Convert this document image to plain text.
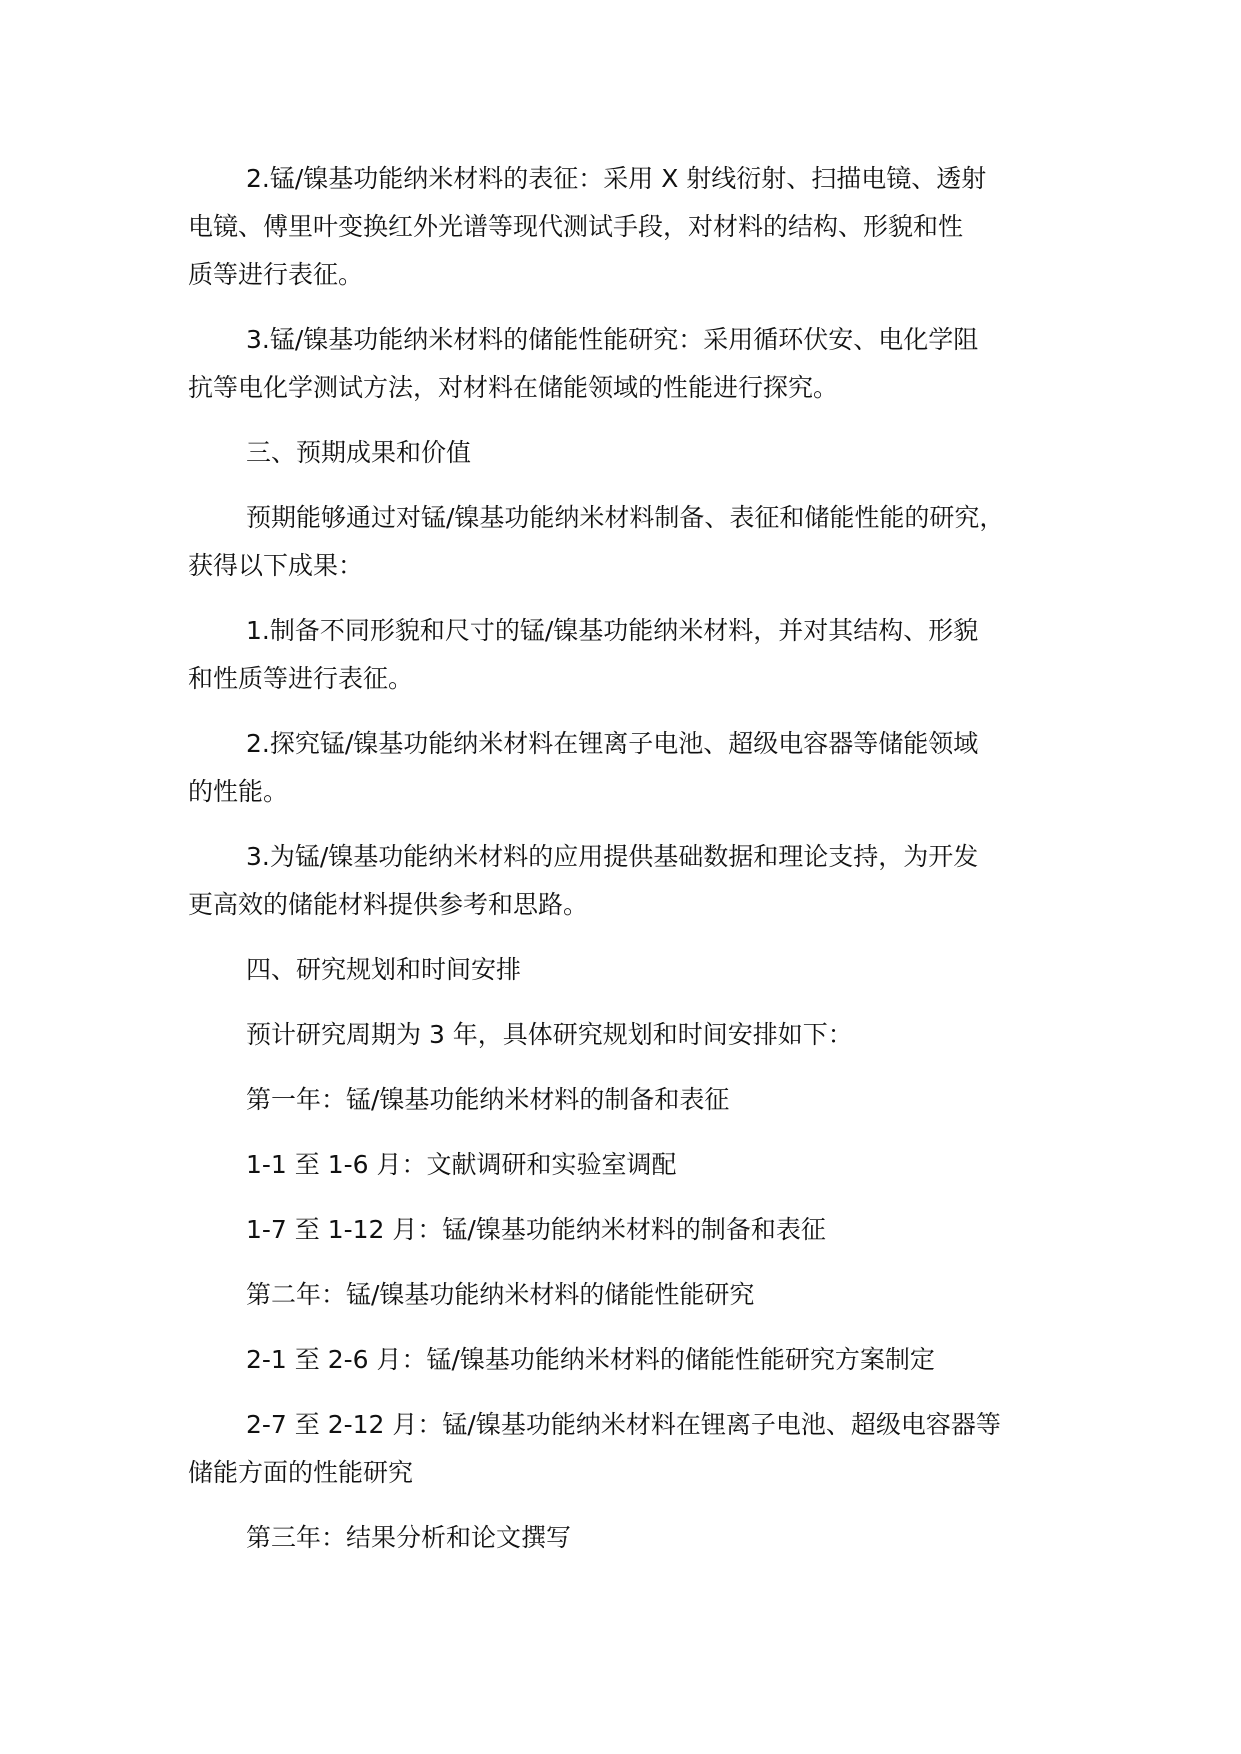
2.锰/镍基功能纳米材料的表征：采用 X 射线衍射、扫描电镜、透射
电镜、傅里叶变换红外光谱等现代测试手段，对材料的结构、形貌和性
质等进行表征。

3.锰/镍基功能纳米材料的储能性能研究：采用循环伏安、电化学阻
抗等电化学测试方法，对材料在储能领域的性能进行探究。

三、预期成果和价值

预期能够通过对锰/镍基功能纳米材料制备、表征和储能性能的研究，
获得以下成果：

1.制备不同形貌和尺寸的锰/镍基功能纳米材料，并对其结构、形貌
和性质等进行表征。

2.探究锰/镍基功能纳米材料在锂离子电池、超级电容器等储能领域
的性能。

3.为锰/镍基功能纳米材料的应用提供基础数据和理论支持，为开发
更高效的储能材料提供参考和思路。

四、研究规划和时间安排

预计研究周期为 3 年，具体研究规划和时间安排如下：

第一年：锰/镍基功能纳米材料的制备和表征

1-1 至 1-6 月：文献调研和实验室调配

1-7 至 1-12 月：锰/镍基功能纳米材料的制备和表征

第二年：锰/镍基功能纳米材料的储能性能研究

2-1 至 2-6 月：锰/镍基功能纳米材料的储能性能研究方案制定

2-7 至 2-12 月：锰/镍基功能纳米材料在锂离子电池、超级电容器等
储能方面的性能研究

第三年：结果分析和论文撰写
